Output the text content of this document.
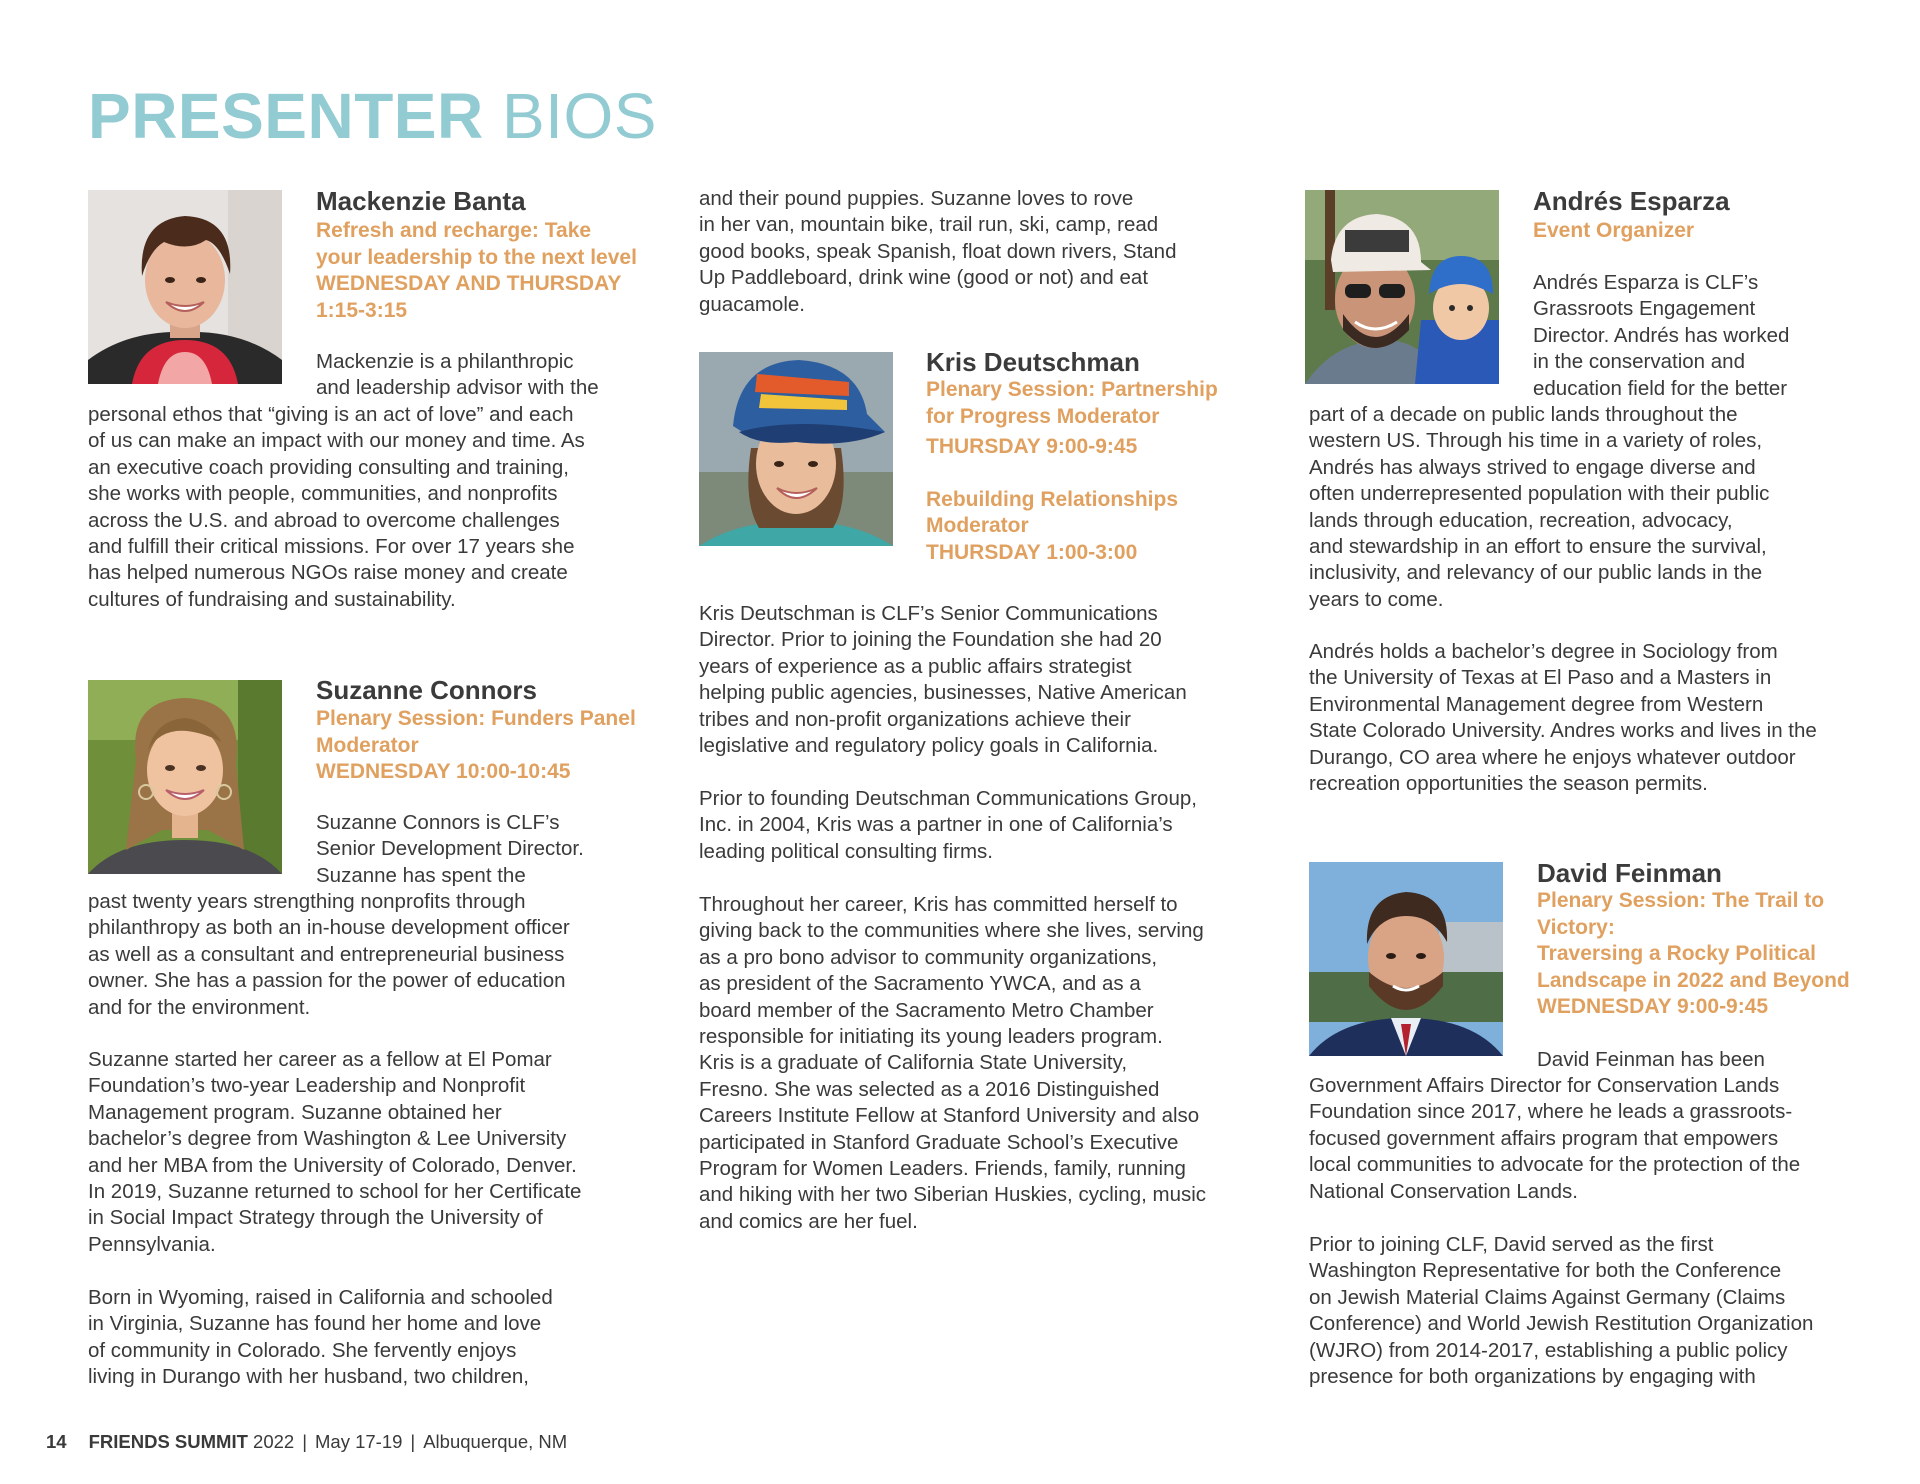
PRESENTER BIOS
Mackenzie Banta

Refresh and recharge: Take

your leadership to the next level

WEDNESDAY AND THURSDAY

1:15-3:15

Mackenzie is a philanthropic

and leadership advisor with the

personal ethos that “giving is an act of love” and each
of us can make an impact with our money and time. As
an executive coach providing consulting and training,
she works with people, communities, and nonprofits
across the U.S. and abroad to overcome challenges
and fulfill their critical missions. For over 17 years she
has helped numerous NGOs raise money and create
cultures of fundraising and sustainability.
Suzanne Connors

Plenary Session: Funders Panel

Moderator

WEDNESDAY 10:00-10:45

Suzanne Connors is CLF’s
Senior Development Director.
Suzanne has spent the
past twenty years strengthing nonprofits through
philanthropy as both an in-house development officer
as well as a consultant and entrepreneurial business
owner. She has a passion for the power of education
and for the environment.
Suzanne started her career as a fellow at El Pomar
Foundation’s two-year Leadership and Nonprofit
Management program. Suzanne obtained her
bachelor’s degree from Washington & Lee University
and her MBA from the University of Colorado, Denver.
In 2019, Suzanne returned to school for her Certificate
in Social Impact Strategy through the University of
Pennsylvania.
Born in Wyoming, raised in California and schooled
in Virginia, Suzanne has found her home and love
of community in Colorado. She fervently enjoys
living in Durango with her husband, two children,
and their pound puppies. Suzanne loves to rove
in her van, mountain bike, trail run, ski, camp, read
good books, speak Spanish, float down rivers, Stand
Up Paddleboard, drink wine (good or not) and eat
guacamole.
Kris Deutschman

Plenary Session: Partnership

for Progress Moderator

THURSDAY 9:00-9:45

Rebuilding Relationships

Moderator

THURSDAY 1:00-3:00

Kris Deutschman is CLF’s Senior Communications
Director. Prior to joining the Foundation she had 20
years of experience as a public affairs strategist
helping public agencies, businesses, Native American
tribes and non-profit organizations achieve their
legislative and regulatory policy goals in California.
Prior to founding Deutschman Communications Group,
Inc. in 2004, Kris was a partner in one of California’s
leading political consulting firms.
Throughout her career, Kris has committed herself to
giving back to the communities where she lives, serving
as a pro bono advisor to community organizations,
as president of the Sacramento YWCA, and as a
board member of the Sacramento Metro Chamber
responsible for initiating its young leaders program.
Kris is a graduate of California State University,
Fresno. She was selected as a 2016 Distinguished
Careers Institute Fellow at Stanford University and also
participated in Stanford Graduate School’s Executive
Program for Women Leaders. Friends, family, running
and hiking with her two Siberian Huskies, cycling, music
and comics are her fuel.
Andrés Esparza

Event Organizer

Andrés Esparza is CLF’s
Grassroots Engagement
Director. Andrés has worked
in the conservation and
education field for the better
part of a decade on public lands throughout the
western US. Through his time in a variety of roles,
Andrés has always strived to engage diverse and
often underrepresented population with their public
lands through education, recreation, advocacy,
and stewardship in an effort to ensure the survival,
inclusivity, and relevancy of our public lands in the
years to come.
Andrés holds a bachelor’s degree in Sociology from
the University of Texas at El Paso and a Masters in
Environmental Management degree from Western
State Colorado University. Andres works and lives in the
Durango, CO area where he enjoys whatever outdoor
recreation opportunities the season permits.
David Feinman

Plenary Session: The Trail to

Victory:

Traversing a Rocky Political

Landscape in 2022 and Beyond

WEDNESDAY 9:00-9:45

David Feinman has been
Government Affairs Director for Conservation Lands
Foundation since 2017, where he leads a grassroots-
focused government affairs program that empowers
local communities to advocate for the protection of the
National Conservation Lands.
Prior to joining CLF, David served as the first
Washington Representative for both the Conference
on Jewish Material Claims Against Germany (Claims
Conference) and World Jewish Restitution Organization
(WJRO) from 2014-2017, establishing a public policy
presence for both organizations by engaging with
14 FRIENDS SUMMIT 2022 | May 17-19 | Albuquerque, NM
